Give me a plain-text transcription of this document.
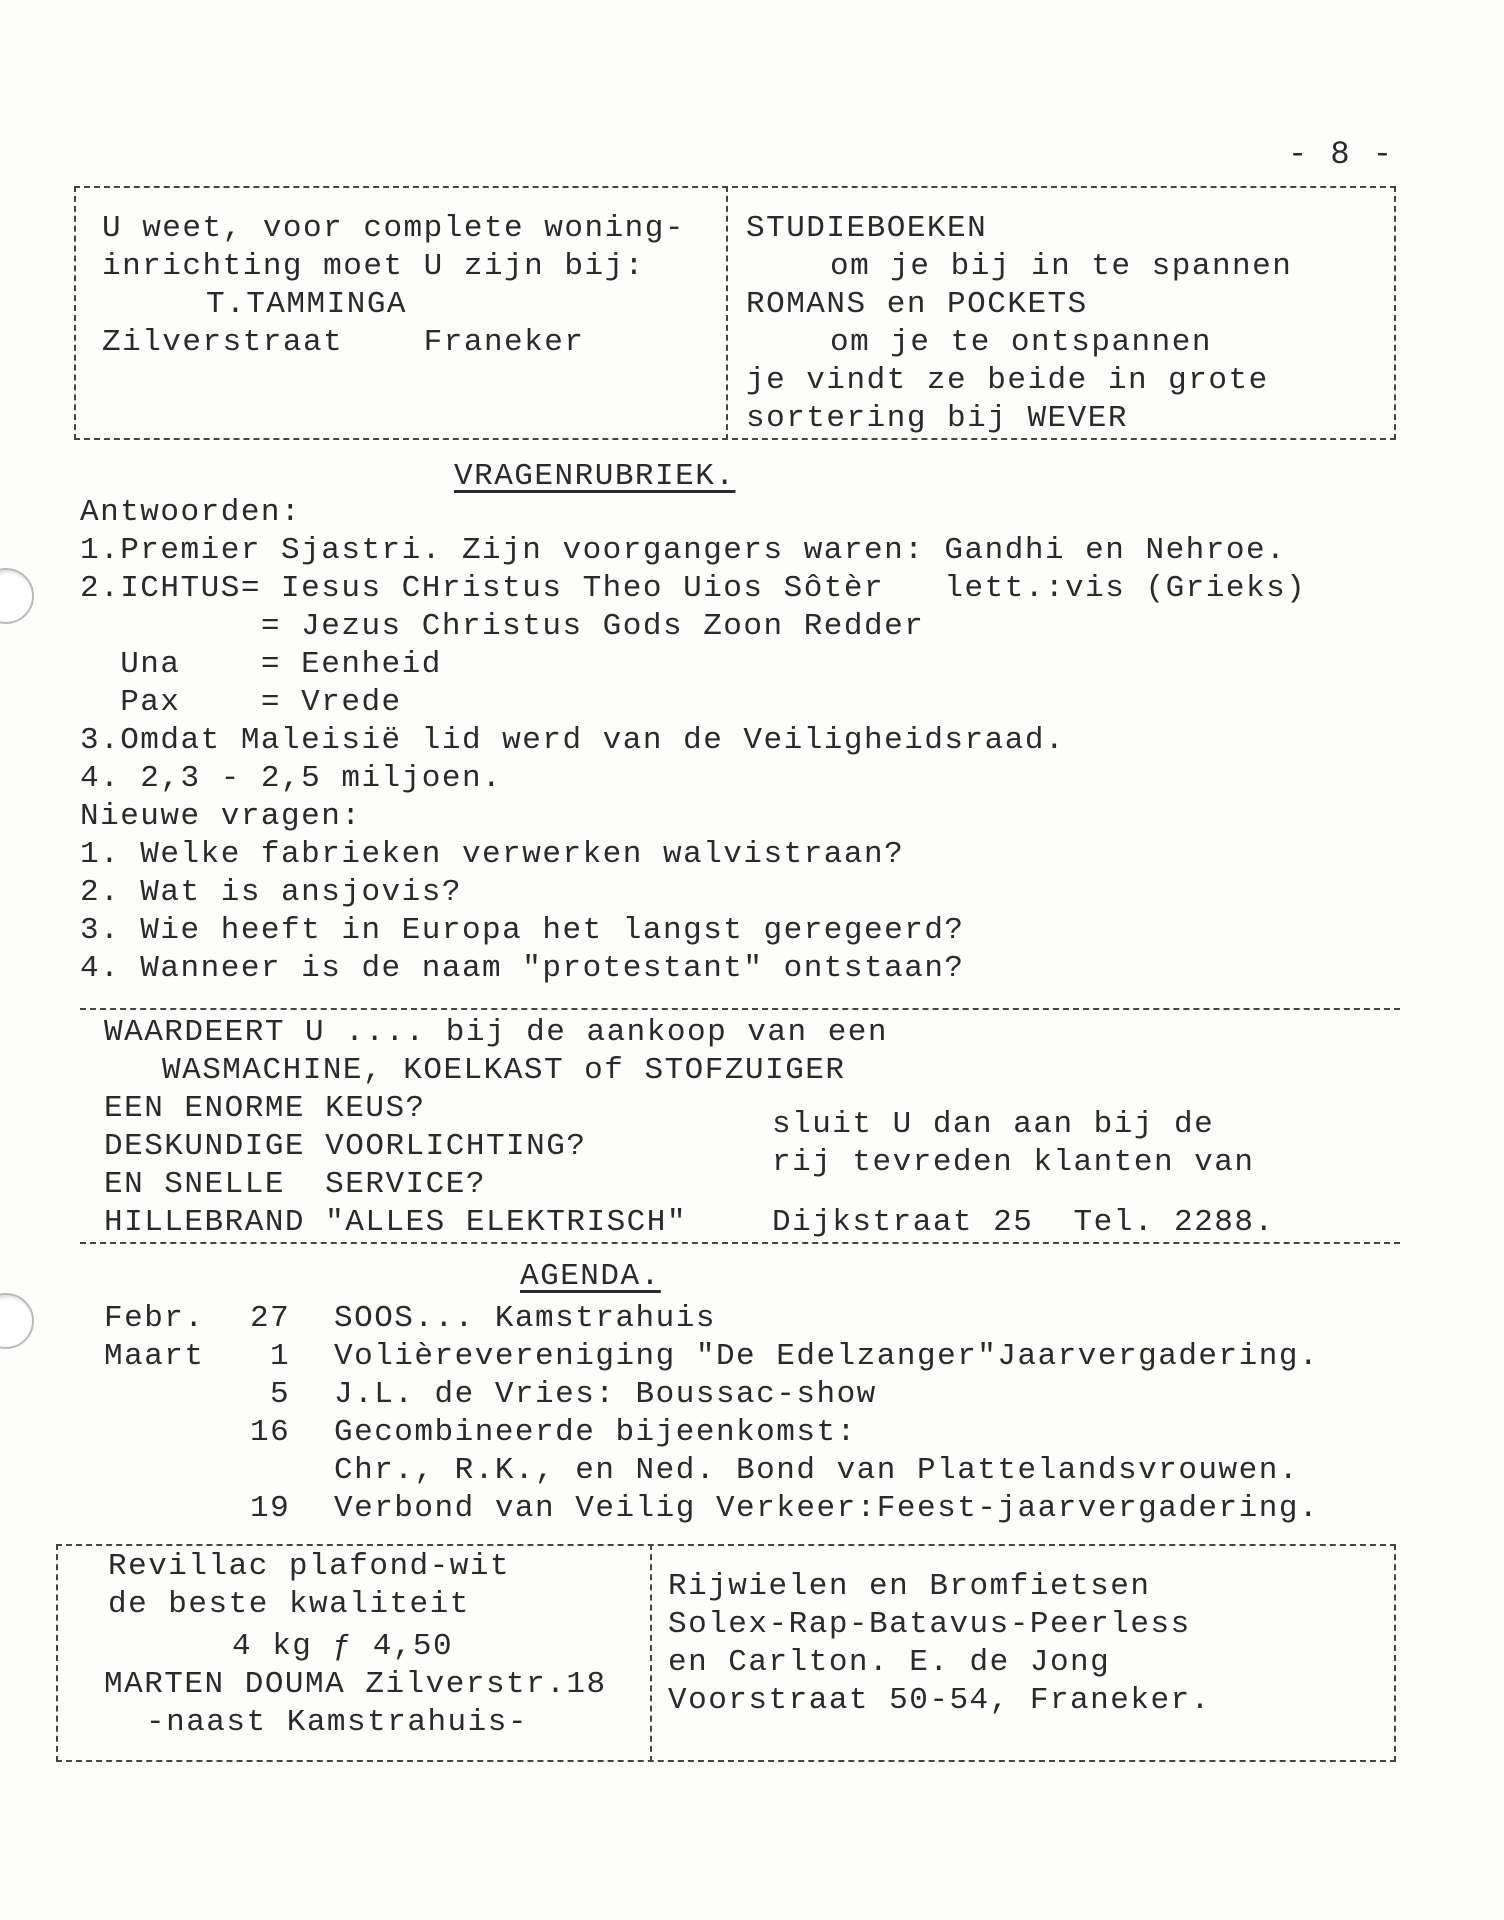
- 8 -
U weet, voor complete woning-
inrichting moet U zijn bij:
T.TAMMINGA
Zilverstraat    Franeker
STUDIEBOEKEN
om je bij in te spannen
ROMANS en POCKETS
om je te ontspannen
je vindt ze beide in grote
sortering bij WEVER
VRAGENRUBRIEK.
Antwoorden:
1.Premier Sjastri. Zijn voorgangers waren: Gandhi en Nehroe.
2.ICHTUS= Iesus CHristus Theo Uios Sôtèr   lett.:vis (Grieks)
= Jezus Christus Gods Zoon Redder
Una    = Eenheid
Pax    = Vrede
3.Omdat Maleisië lid werd van de Veiligheidsraad.
4. 2,3 - 2,5 miljoen.
Nieuwe vragen:
1. Welke fabrieken verwerken walvistraan?
2. Wat is ansjovis?
3. Wie heeft in Europa het langst geregeerd?
4. Wanneer is de naam "protestant" ontstaan?
WAARDEERT U .... bij de aankoop van een
WASMACHINE, KOELKAST of STOFZUIGER
EEN ENORME KEUS?
DESKUNDIGE VOORLICHTING?
EN SNELLE  SERVICE?
sluit U dan aan bij de
rij tevreden klanten van
HILLEBRAND "ALLES ELEKTRISCH"	Dijkstraat 25  Tel. 2288.
AGENDA.
Febr. 27 SOOS... Kamstrahuis
Maart 1 Volièrevereniging "De Edelzanger"Jaarvergadering.
5 J.L. de Vries: Boussac-show
16 Gecombineerde bijeenkomst:
Chr., R.K., en Ned. Bond van Plattelandsvrouwen.
19 Verbond van Veilig Verkeer:Feest-jaarvergadering.
Revillac plafond-wit
de beste kwaliteit
4 kg ƒ 4,50
MARTEN DOUMA Zilverstr.18
-naast Kamstrahuis-
Rijwielen en Bromfietsen
Solex-Rap-Batavus-Peerless
en Carlton. E. de Jong
Voorstraat 50-54, Franeker.
